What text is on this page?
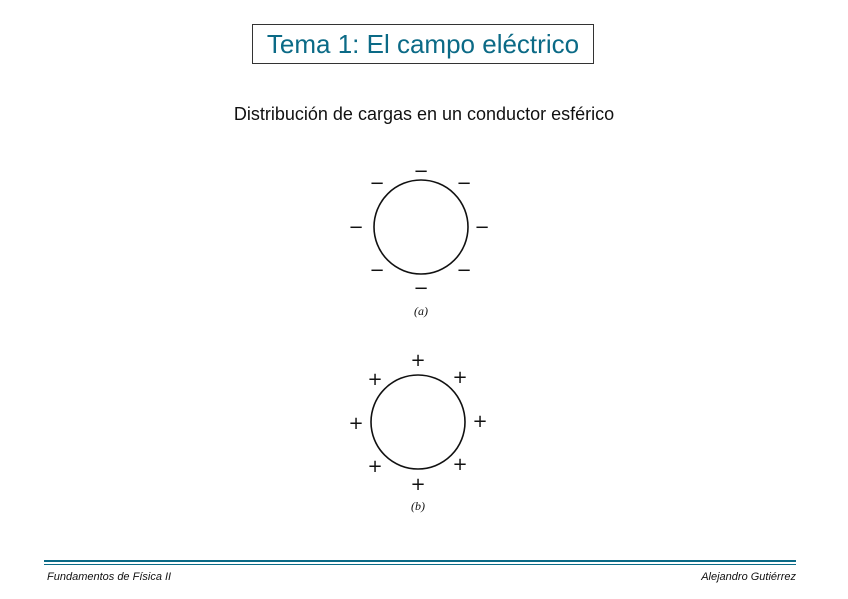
Tema 1: El campo eléctrico
Distribución de cargas en un conductor esférico
−
−	−
−	−
−	−
−
(a)
+
+	+
+	+
+	+
+
(b)
Fundamentos de Física II	Alejandro Gutiérrez
